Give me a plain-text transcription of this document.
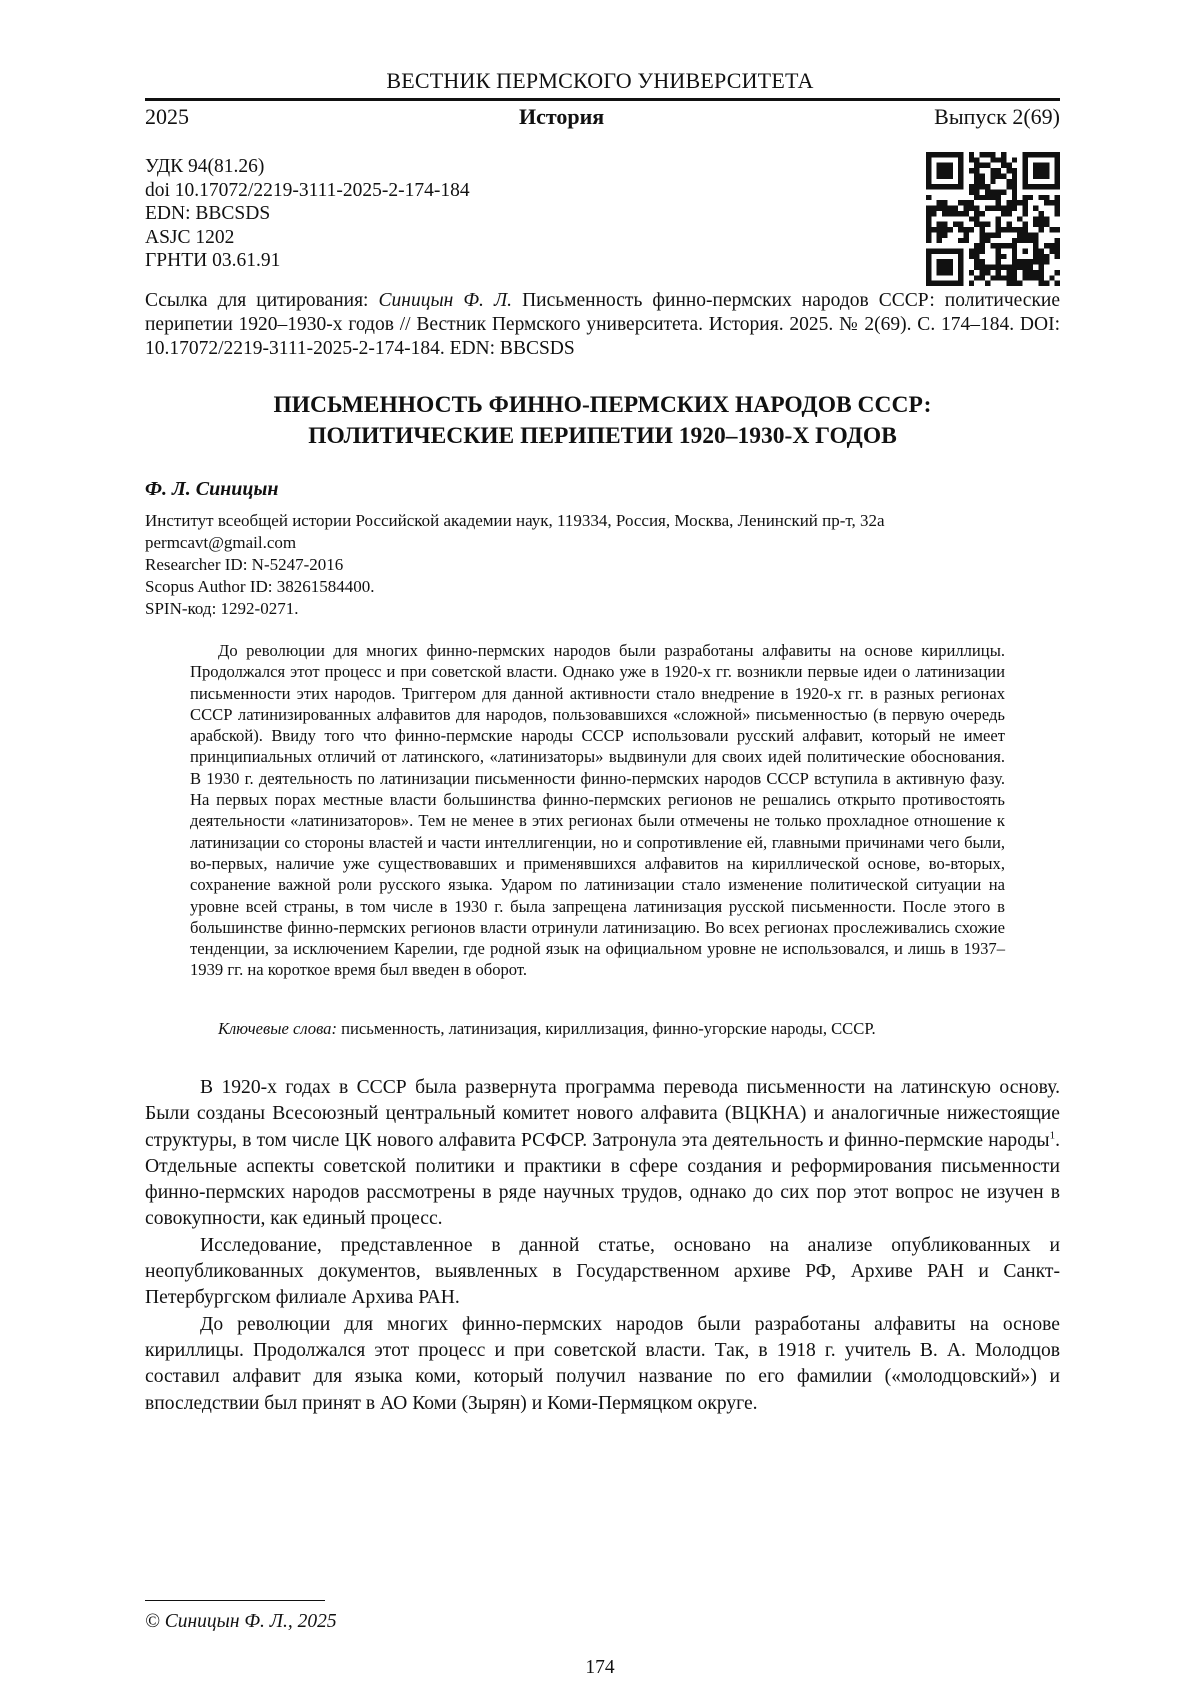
ВЕСТНИК ПЕРМСКОГО УНИВЕРСИТЕТА
2025	История	Выпуск 2(69)
УДК 94(81.26)
doi 10.17072/2219-3111-2025-2-174-184
EDN: BBCSDS
ASJC 1202
ГРНТИ 03.61.91
Ссылка для цитирования: Синицын Ф. Л. Письменность финно-пермских народов СССР: политические перипетии 1920–1930-х годов // Вестник Пермского университета. История. 2025. № 2(69). С. 174–184. DOI: 10.17072/2219-3111-2025-2-174-184. EDN: BBCSDS
ПИСЬМЕННОСТЬ ФИННО-ПЕРМСКИХ НАРОДОВ СССР:
ПОЛИТИЧЕСКИЕ ПЕРИПЕТИИ 1920–1930-Х ГОДОВ
Ф. Л. Синицын
Институт всеобщей истории Российской академии наук, 119334, Россия, Москва, Ленинский пр-т, 32а
permcavt@gmail.com
Researcher ID: N-5247-2016
Scopus Author ID: 38261584400.
SPIN-код: 1292-0271.
До революции для многих финно-пермских народов были разработаны алфавиты на основе кириллицы. Продолжался этот процесс и при советской власти. Однако уже в 1920-х гг. возникли первые идеи о латинизации письменности этих народов. Триггером для данной активности стало внедрение в 1920-х гг. в разных регионах СССР латинизированных алфавитов для народов, пользовавшихся «сложной» письменностью (в первую очередь арабской). Ввиду того что финно-пермские народы СССР использовали русский алфавит, который не имеет принципиальных отличий от латинского, «латинизаторы» выдвинули для своих идей политические обоснования. В 1930 г. деятельность по латинизации письменности финно-пермских народов СССР вступила в активную фазу. На первых порах местные власти большинства финно-пермских регионов не решались открыто противостоять деятельности «латинизаторов». Тем не менее в этих регионах были отмечены не только прохладное отношение к латинизации со стороны властей и части интеллигенции, но и сопротивление ей, главными причинами чего были, во-первых, наличие уже существовавших и применявшихся алфавитов на кириллической основе, во-вторых, сохранение важной роли русского языка. Ударом по латинизации стало изменение политической ситуации на уровне всей страны, в том числе в 1930 г. была запрещена латинизация русской письменности. После этого в большинстве финно-пермских регионов власти отринули латинизацию. Во всех регионах прослеживались схожие тенденции, за исключением Карелии, где родной язык на официальном уровне не использовался, и лишь в 1937–1939 гг. на короткое время был введен в оборот.
Ключевые слова: письменность, латинизация, кириллизация, финно-угорские народы, СССР.

В 1920-х годах в СССР была развернута программа перевода письменности на латинскую основу. Были созданы Всесоюзный центральный комитет нового алфавита (ВЦКНА) и аналогичные нижестоящие структуры, в том числе ЦК нового алфавита РСФСР. Затронула эта деятельность и финно-пермские народы1. Отдельные аспекты советской политики и практики в сфере создания и реформирования письменности финно-пермских народов рассмотрены в ряде научных трудов, однако до сих пор этот вопрос не изучен в совокупности, как единый процесс.

Исследование, представленное в данной статье, основано на анализе опубликованных и неопубликованных документов, выявленных в Государственном архиве РФ, Архиве РАН и Санкт-Петербургском филиале Архива РАН.

До революции для многих финно-пермских народов были разработаны алфавиты на основе кириллицы. Продолжался этот процесс и при советской власти. Так, в 1918 г. учитель В. А. Молодцов составил алфавит для языка коми, который получил название по его фамилии («молодцовский») и впоследствии был принят в АО Коми (Зырян) и Коми-Пермяцком округе.

© Синицын Ф. Л., 2025
174
